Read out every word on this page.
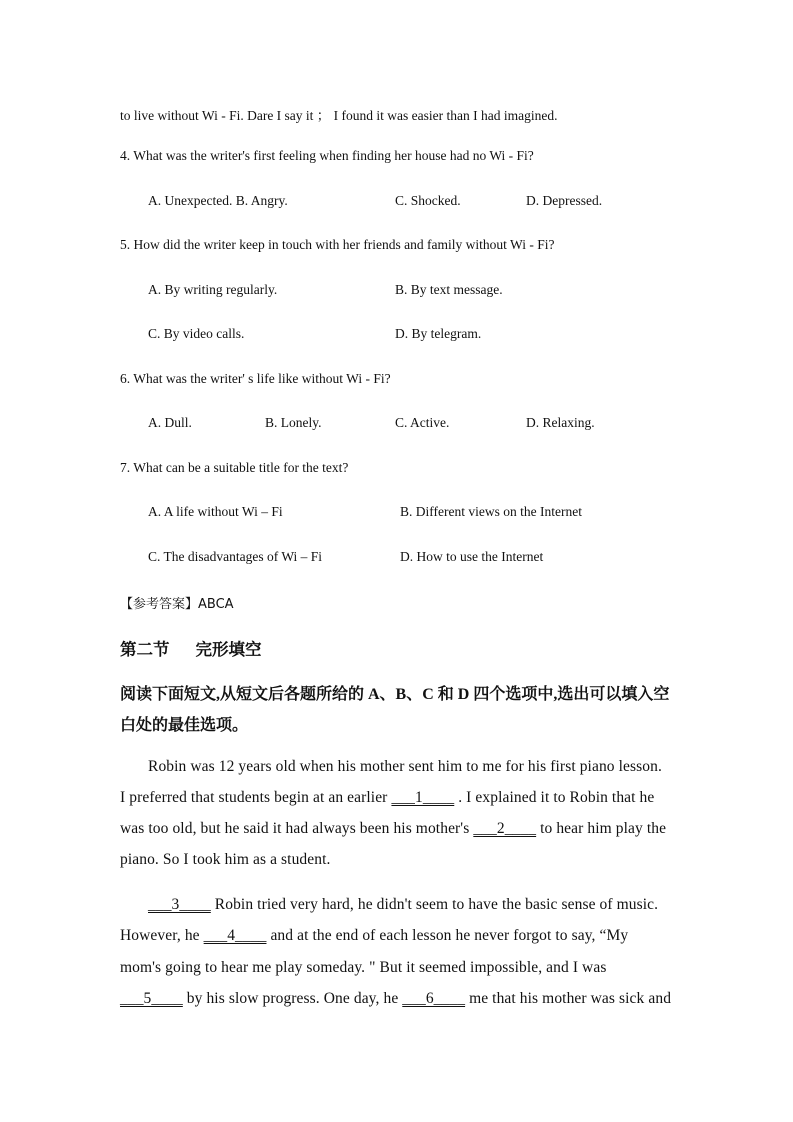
to live without Wi - Fi. Dare I say it ； I found it was easier than I had imagined.
4. What was the writer's first feeling when finding her house had no Wi - Fi?
A. Unexpected. B. Angry.	C. Shocked.	D. Depressed.
5. How did the writer keep in touch with her friends and family without Wi - Fi?
A. By writing regularly.	B. By text message.
C. By video calls.	D. By telegram.
6. What was the writer' s life like without Wi - Fi?
A. Dull.	B. Lonely.	C. Active.	D. Relaxing.
7. What can be a suitable title for the text?
A. A life without Wi – Fi	B. Different views on the Internet
C. The disadvantages of Wi – Fi	D. How to use the Internet
【参考答案】ABCA
第二节 完形填空
阅读下面短文,从短文后各题所给的 A、B、C 和 D 四个选项中,选出可以填入空
白处的最佳选项。
Robin was 12 years old when his mother sent him to me for his first piano lesson.
I preferred that students begin at an earlier ___1____ . I explained it to Robin that he
was too old, but he said it had always been his mother's ___2____ to hear him play the
piano. So I took him as a student.
___3____ Robin tried very hard, he didn't seem to have the basic sense of music.
However, he ___4____ and at the end of each lesson he never forgot to say, “My
mom's going to hear me play someday. " But it seemed impossible, and I was
___5____ by his slow progress. One day, he ___6____ me that his mother was sick and
